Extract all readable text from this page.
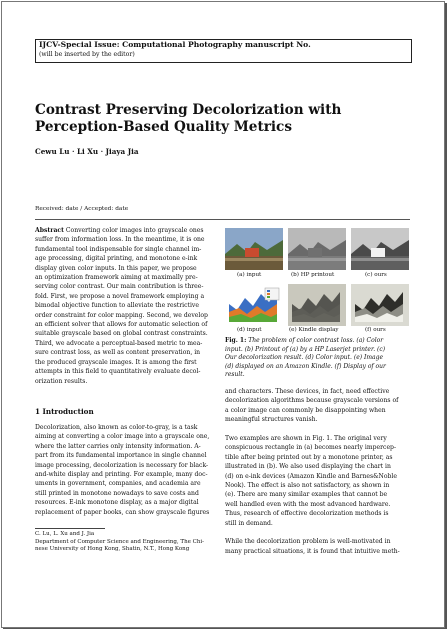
IJCV-Special Issue: Computational Photography manuscript No.
(will be inserted by the editor)
Contrast Preserving Decolorization with Perception-Based Quality Metrics
Cewu Lu · Li Xu · Jiaya Jia
Received: date / Accepted: date
Abstract Converting color images into grayscale ones
suffer from information loss. In the meantime, it is one
fundamental tool indispensable for single channel im-
age processing, digital printing, and monotone e-ink
display given color inputs. In this paper, we propose
an optimization framework aiming at maximally pre-
serving color contrast. Our main contribution is three-
fold. First, we propose a novel framework employing a
bimodal objective function to alleviate the restrictive
order constraint for color mapping. Second, we develop
an efficient solver that allows for automatic selection of
suitable grayscale based on global contrast constraints.
Third, we advocate a perceptual-based metric to mea-
sure contrast loss, as well as content preservation, in
the produced grayscale images. It is among the first
attempts in this field to quantitatively evaluate decol-
orization results.
1 Introduction
Decolorization, also known as color-to-gray, is a task
aiming at converting a color image into a grayscale one,
where the latter carries only intensity information. A-
part from its fundamental importance in single channel
image processing, decolorization is necessary for black-
and-white display and printing. For example, many doc-
uments in government, companies, and academia are
still printed in monotone nowadays to save costs and
resources. E-ink monotone display, as a major digital
replacement of paper books, can show grayscale figures
C. Lu, L. Xu and J. Jia
Department of Computer Science and Engineering, The Chi-
nese University of Hong Kong, Shatin, N.T., Hong Kong
(a) input	(b) HP printout	(c) ours
(d) input	(e) Kindle display	(f) ours
Fig. 1: The problem of color contrast loss. (a) Color
input. (b) Printout of (a) by a HP Laserjet printer. (c)
Our decolorization result. (d) Color input. (e) Image
(d) displayed on an Amazon Kindle. (f) Display of our
result.
and characters. These devices, in fact, need effective
decolorization algorithms because grayscale versions of
a color image can commonly be disappointing when
meaningful structures vanish.
Two examples are shown in Fig. 1. The original very
conspicuous rectangle in (a) becomes nearly impercep-
tible after being printed out by a monotone printer, as
illustrated in (b). We also used displaying the chart in
(d) on e-ink devices (Amazon Kindle and Barnes&Noble
Nook). The effect is also not satisfactory, as shown in
(e). There are many similar examples that cannot be
well handled even with the most advanced hardware.
Thus, research of effective decolorization methods is
still in demand.
While the decolorization problem is well-motivated in
many practical situations, it is found that intuitive meth-
